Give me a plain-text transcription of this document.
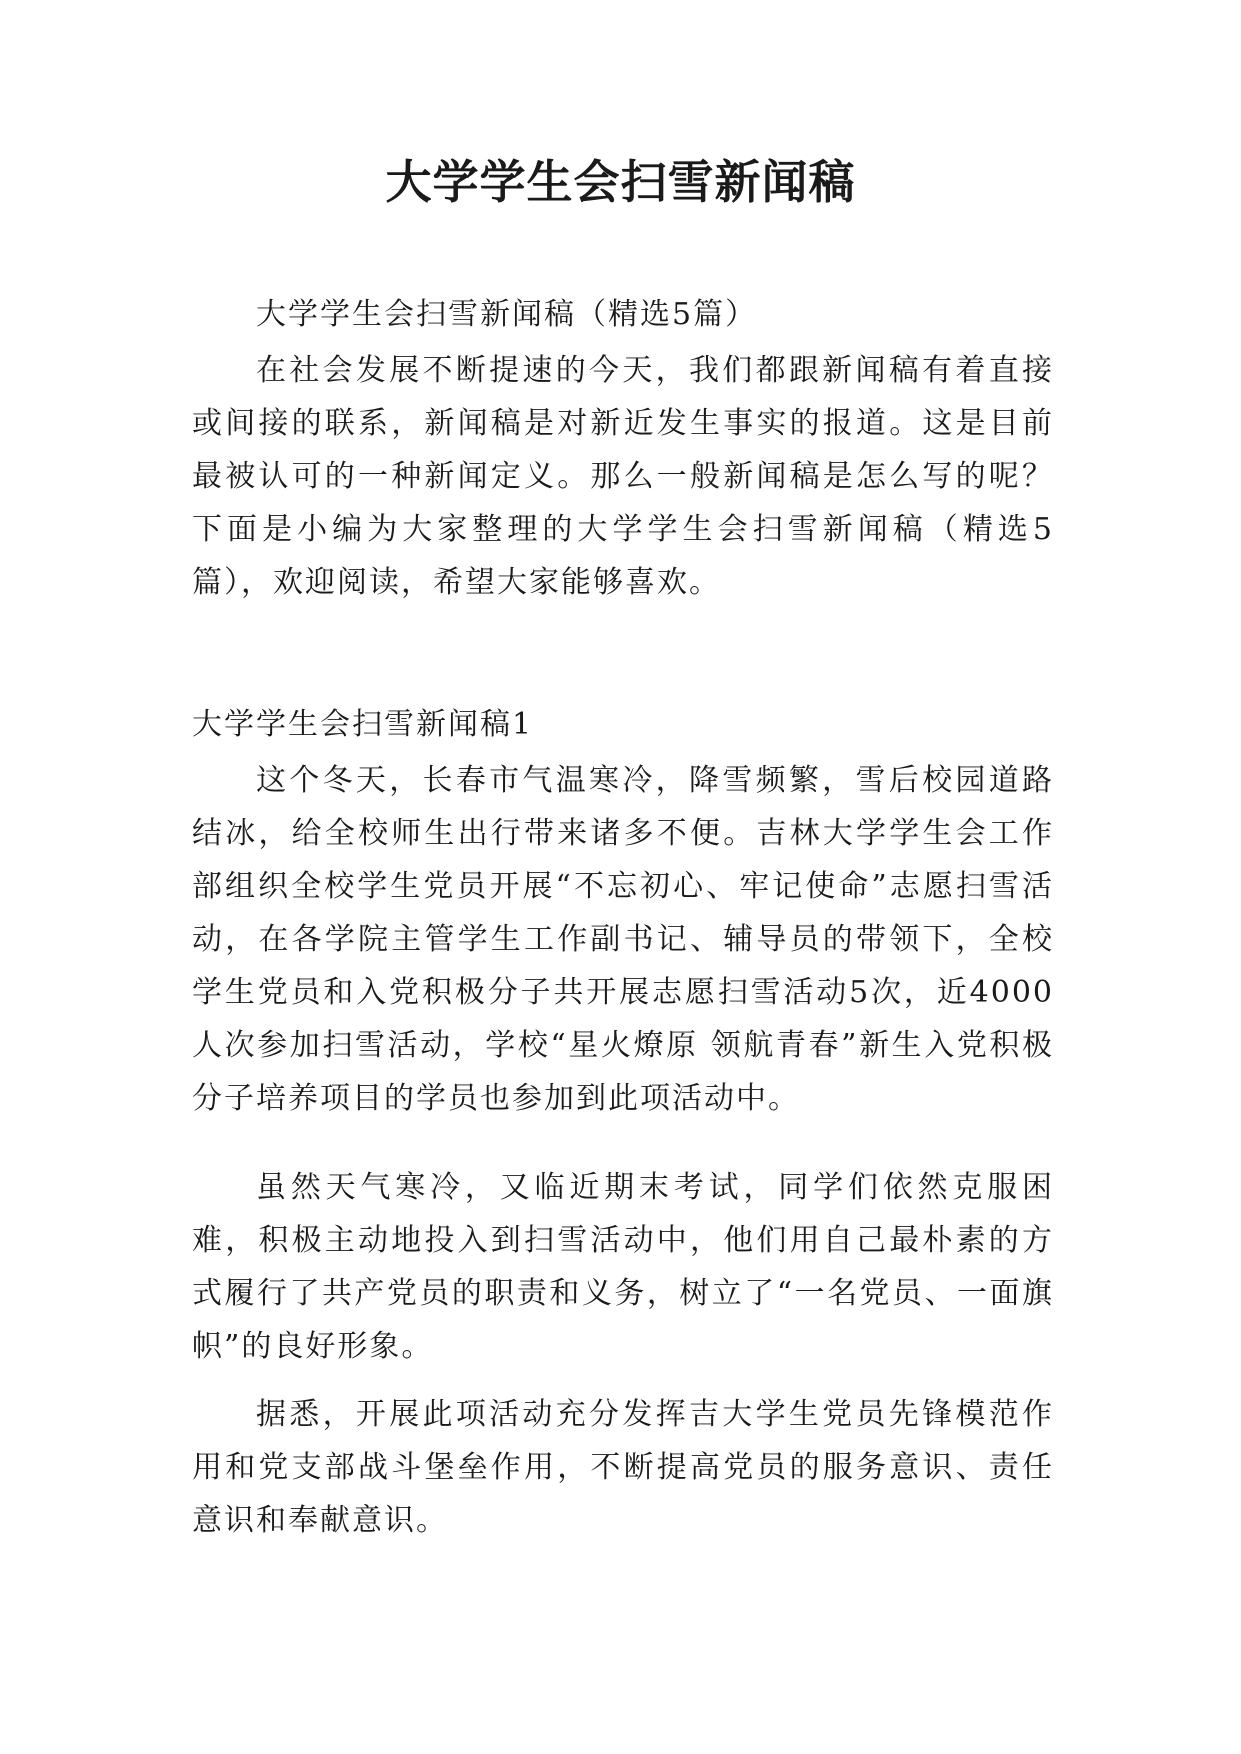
大学学生会扫雪新闻稿

大学学生会扫雪新闻稿（精选5篇）

在社会发展不断提速的今天，我们都跟新闻稿有着直接或间接的联系，新闻稿是对新近发生事实的报道。这是目前最被认可的一种新闻定义。那么一般新闻稿是怎么写的呢？下面是小编为大家整理的大学学生会扫雪新闻稿（精选5篇），欢迎阅读，希望大家能够喜欢。

大学学生会扫雪新闻稿1

这个冬天，长春市气温寒冷，降雪频繁，雪后校园道路结冰，给全校师生出行带来诸多不便。吉林大学学生会工作部组织全校学生党员开展“不忘初心、牢记使命”志愿扫雪活动，在各学院主管学生工作副书记、辅导员的带领下，全校学生党员和入党积极分子共开展志愿扫雪活动5次，近4000人次参加扫雪活动，学校“星火燎原 领航青春”新生入党积极分子培养项目的学员也参加到此项活动中。

虽然天气寒冷，又临近期末考试，同学们依然克服困难，积极主动地投入到扫雪活动中，他们用自己最朴素的方式履行了共产党员的职责和义务，树立了“一名党员、一面旗帜”的良好形象。

据悉，开展此项活动充分发挥吉大学生党员先锋模范作用和党支部战斗堡垒作用，不断提高党员的服务意识、责任意识和奉献意识。
